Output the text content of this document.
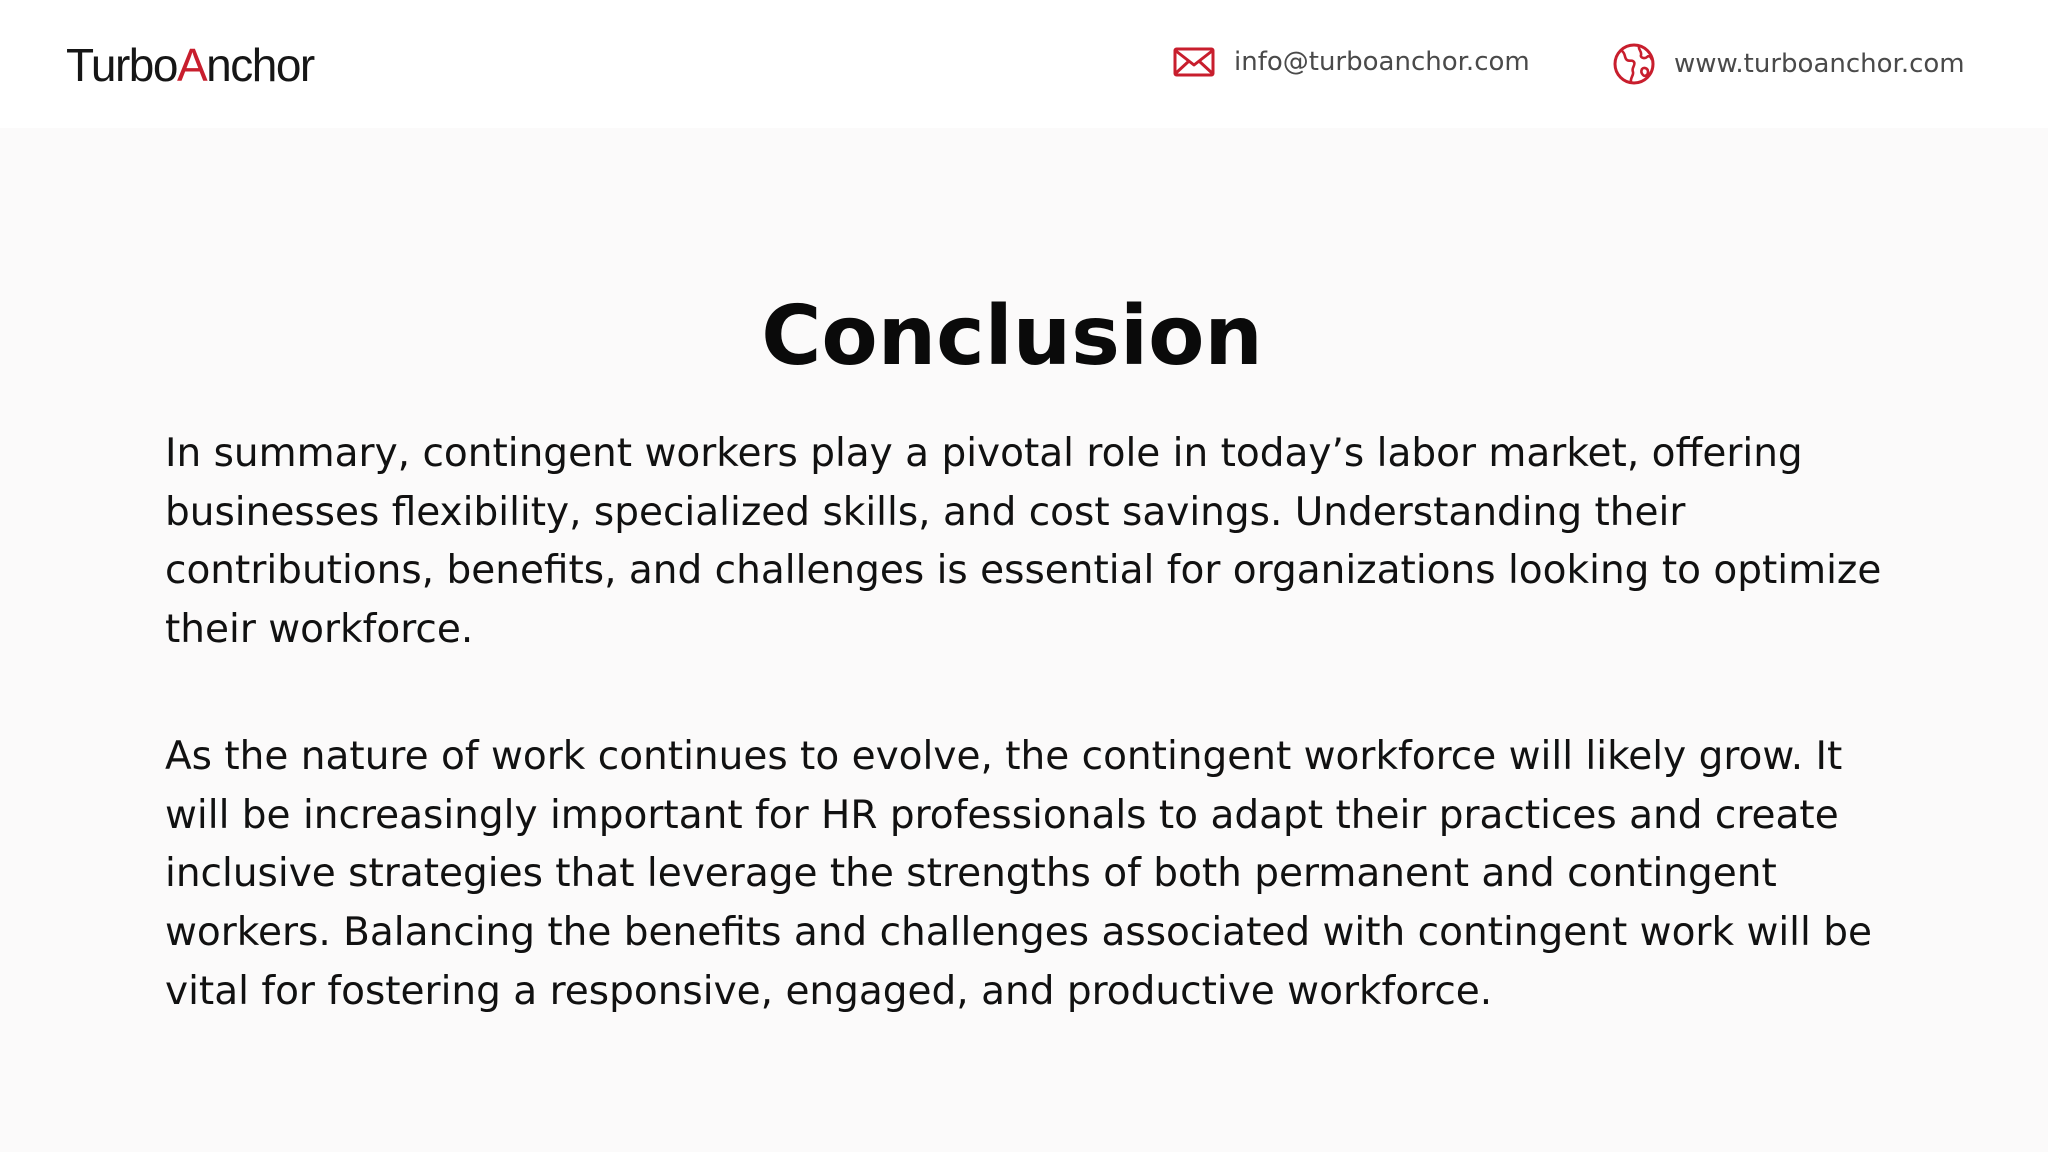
TurboAnchor	info@turboanchor.com	www.turboanchor.com
Conclusion

In summary, contingent workers play a pivotal role in today’s labor market, offering businesses flexibility, specialized skills, and cost savings. Understanding their contributions, benefits, and challenges is essential for organizations looking to optimize their workforce.

As the nature of work continues to evolve, the contingent workforce will likely grow. It will be increasingly important for HR professionals to adapt their practices and create inclusive strategies that leverage the strengths of both permanent and contingent workers. Balancing the benefits and challenges associated with contingent work will be vital for fostering a responsive, engaged, and productive workforce.
